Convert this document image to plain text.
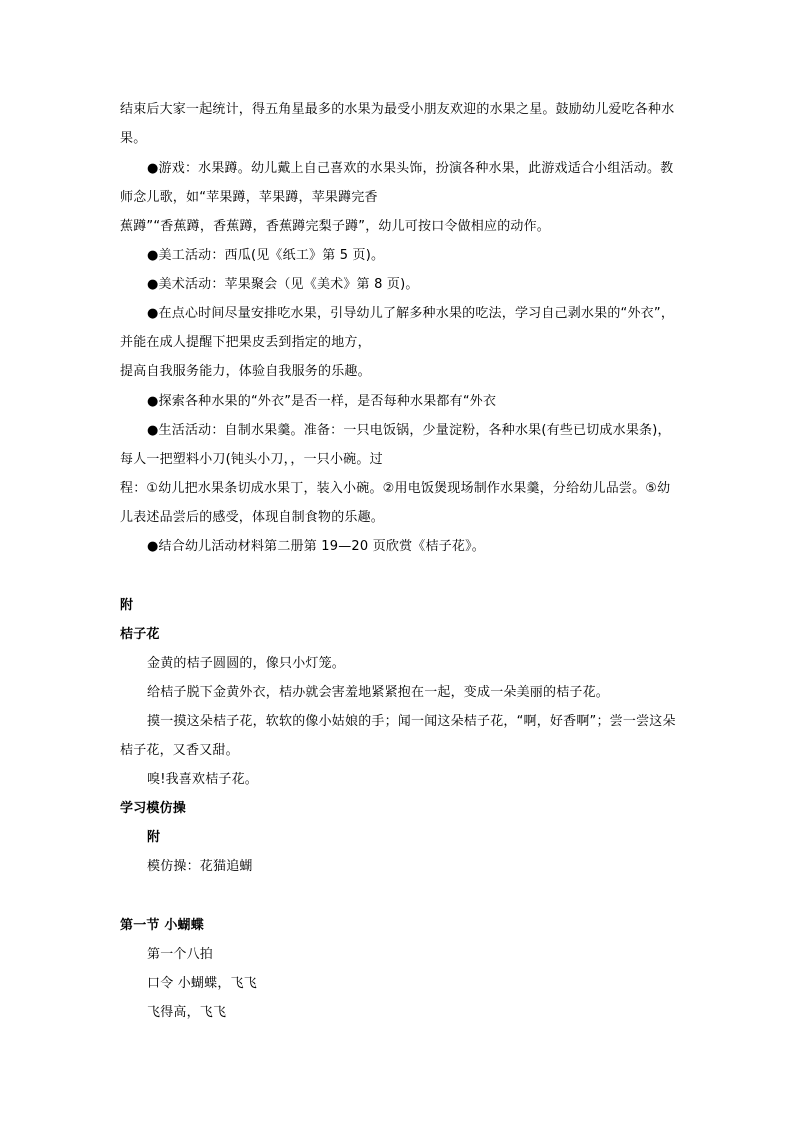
结束后大家一起统计，得五角星最多的水果为最受小朋友欢迎的水果之星。鼓励幼儿爱吃各种水
果。
●游戏：水果蹲。幼儿戴上自己喜欢的水果头饰，扮演各种水果，此游戏适合小组活动。教
师念儿歌，如“苹果蹲，苹果蹲，苹果蹲完香
蕉蹲”“香蕉蹲，香蕉蹲，香蕉蹲完梨子蹲”，幼儿可按口令做相应的动作。
●美工活动：西瓜(见《纸工》第 5 页)。
●美术活动：苹果聚会（见《美术》第 8 页)。
●在点心时间尽量安排吃水果，引导幼儿了解多种水果的吃法，学习自己剥水果的“外衣”，
并能在成人提醒下把果皮丢到指定的地方，
提高自我服务能力，体验自我服务的乐趣。
●探索各种水果的“外衣”是否一样，是否每种水果都有“外衣
●生活活动：自制水果羹。准备：一只电饭锅，少量淀粉，各种水果(有些已切成水果条)，
每人一把塑料小刀(钝头小刀，，一只小碗。过
程：①幼儿把水果条切成水果丁，装入小碗。②用电饭煲现场制作水果羹，分给幼儿品尝。⑤幼
儿表述品尝后的感受，体现自制食物的乐趣。
●结合幼儿活动材料第二册第 19—20 页欣赏《桔子花》。
附
桔子花
金黄的桔子圆圆的，像只小灯笼。
给桔子脱下金黄外衣，桔办就会害羞地紧紧抱在一起，变成一朵美丽的桔子花。
摸一摸这朵桔子花，软软的像小姑娘的手；闻一闻这朵桔子花，“啊，好香啊”；尝一尝这朵
桔子花，又香又甜。
嗅!我喜欢桔子花。
学习模仿操
附
模仿操：花猫追蝴
第一节 小蝴蝶
第一个八拍
口令 小蝴蝶，飞飞
飞得高，飞飞
